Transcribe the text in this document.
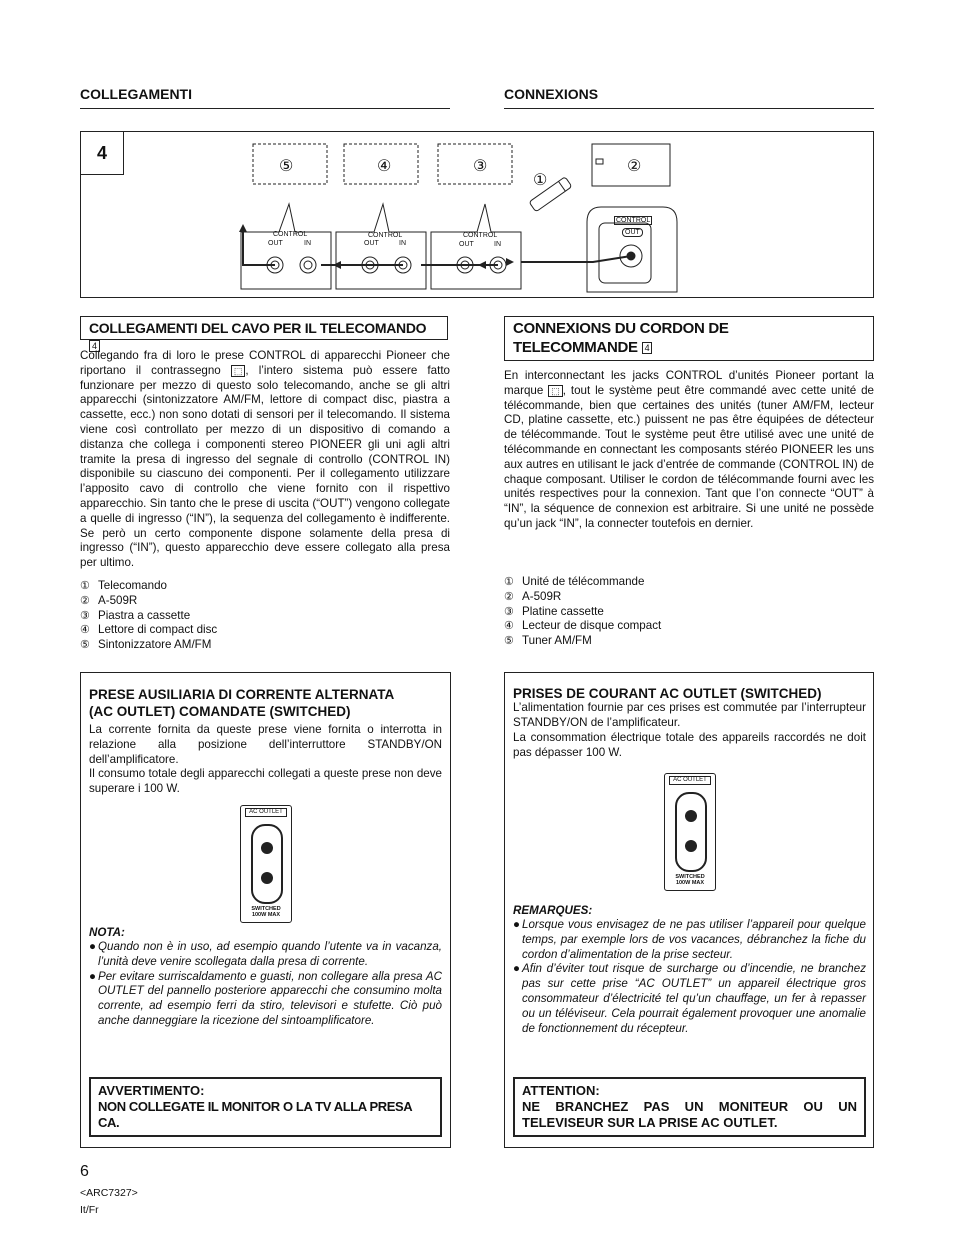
COLLEGAMENTI	CONNEXIONS
4
⑤	④	③
①
②
CONTROL
OUT	IN
CONTROL
OUT	IN
CONTROL
OUT	IN
CONTROL
OUT
COLLEGAMENTI DEL CAVO PER IL TELECOMANDO 4

Collegando fra di loro le prese CONTROL di apparecchi Pioneer che riportano il contrassegno ⬚ , l’intero sistema può essere fatto funzionare per mezzo di questo solo telecomando, anche se gli altri apparecchi (sintonizzatore AM/FM, lettore di compact disc, piastra a cassette, ecc.) non sono dotati di sensori per il telecomando. Il sistema viene così controllato per mezzo di un dispositivo di comando a distanza che collega i componenti stereo PIONEER gli uni agli altri tramite la presa di ingresso del segnale di controllo (CONTROL IN) disponibile su ciascuno dei componenti. Per il collegamento utilizzare l’apposito cavo di controllo che viene fornito con il rispettivo apparecchio. Sin tanto che le prese di uscita (“OUT”) vengono collegate a quelle di ingresso (“IN”), la sequenza del collegamento è indifferente. Se però un certo componente dispone solamente della presa di ingresso (“IN”), questo apparecchio deve essere collegato alla presa per ultimo.

① Telecomando
② A-509R
③ Piastra a cassette
④ Lettore di compact disc
⑤ Sintonizzatore AM/FM
CONNEXIONS DU CORDON DE
TELECOMMANDE 4

En interconnectant les jacks CONTROL d’unités Pioneer portant la marque ⬚ , tout le système peut être commandé avec cette unité de télécommande, bien que certaines des unités (tuner AM/FM, lecteur CD, platine cassette, etc.) puissent ne pas être équipées de détecteur de télécommande. Tout le système peut être utilisé avec une unité de télécommande en connectant les composants stéréo PIONEER les uns aux autres en utilisant le jack d’entrée de commande (CONTROL IN) de chaque composant. Utiliser le cordon de télécommande fourni avec les unités respectives pour la connexion. Tant que l’on connecte “OUT” à “IN”, la séquence de connexion est arbitraire. Si une unité ne possède qu’un jack “IN”, la connecter toutefois en dernier.

① Unité de télécommande
② A-509R
③ Platine cassette
④ Lecteur de disque compact
⑤ Tuner AM/FM
PRESE AUSILIARIA DI CORRENTE ALTERNATA
(AC OUTLET) COMANDATE (SWITCHED)

La corrente fornita da queste prese viene fornita o interrotta in relazione alla posizione dell’interruttore STANDBY/ON dell’amplificatore.

Il consumo totale degli apparecchi collegati a queste prese non deve superare i 100 W.

AC OUTLET
SWITCHED
100W MAX
NOTA:
● Quando non è in uso, ad esempio quando l’utente va in vacanza, l’unità deve venire scollegata dalla presa di corrente.
● Per evitare surriscaldamento e guasti, non collegare alla presa AC OUTLET del pannello posteriore apparecchi che consumino molta corrente, ad esempio ferri da stiro, televisori e stufette. Ciò può anche danneggiare la ricezione del sintoamplificatore.
AVVERTIMENTO:
NON COLLEGATE IL MONITOR O LA TV ALLA PRESA CA.
PRISES DE COURANT AC OUTLET (SWITCHED)

L’alimentation fournie par ces prises est commutée par l’interrupteur STANDBY/ON de l’amplificateur.

La consommation électrique totale des appareils raccordés ne doit pas dépasser 100 W.

AC OUTLET
SWITCHED
100W MAX
REMARQUES:
● Lorsque vous envisagez de ne pas utiliser l’appareil pour quelque temps, par exemple lors de vos vacances, débranchez la fiche du cordon d’alimentation de la prise secteur.
● Afin d’éviter tout risque de surcharge ou d’incendie, ne branchez pas sur cette prise “AC OUTLET” un appareil électrique gros consommateur d’électricité tel qu’un chauffage, un fer à repasser ou un téléviseur. Cela pourrait également provoquer une anomalie de fonctionnement du récepteur.
ATTENTION:
NE BRANCHEZ PAS UN MONITEUR OU UN TELEVISEUR SUR LA PRISE AC OUTLET.
6
<ARC7327>
It/Fr
